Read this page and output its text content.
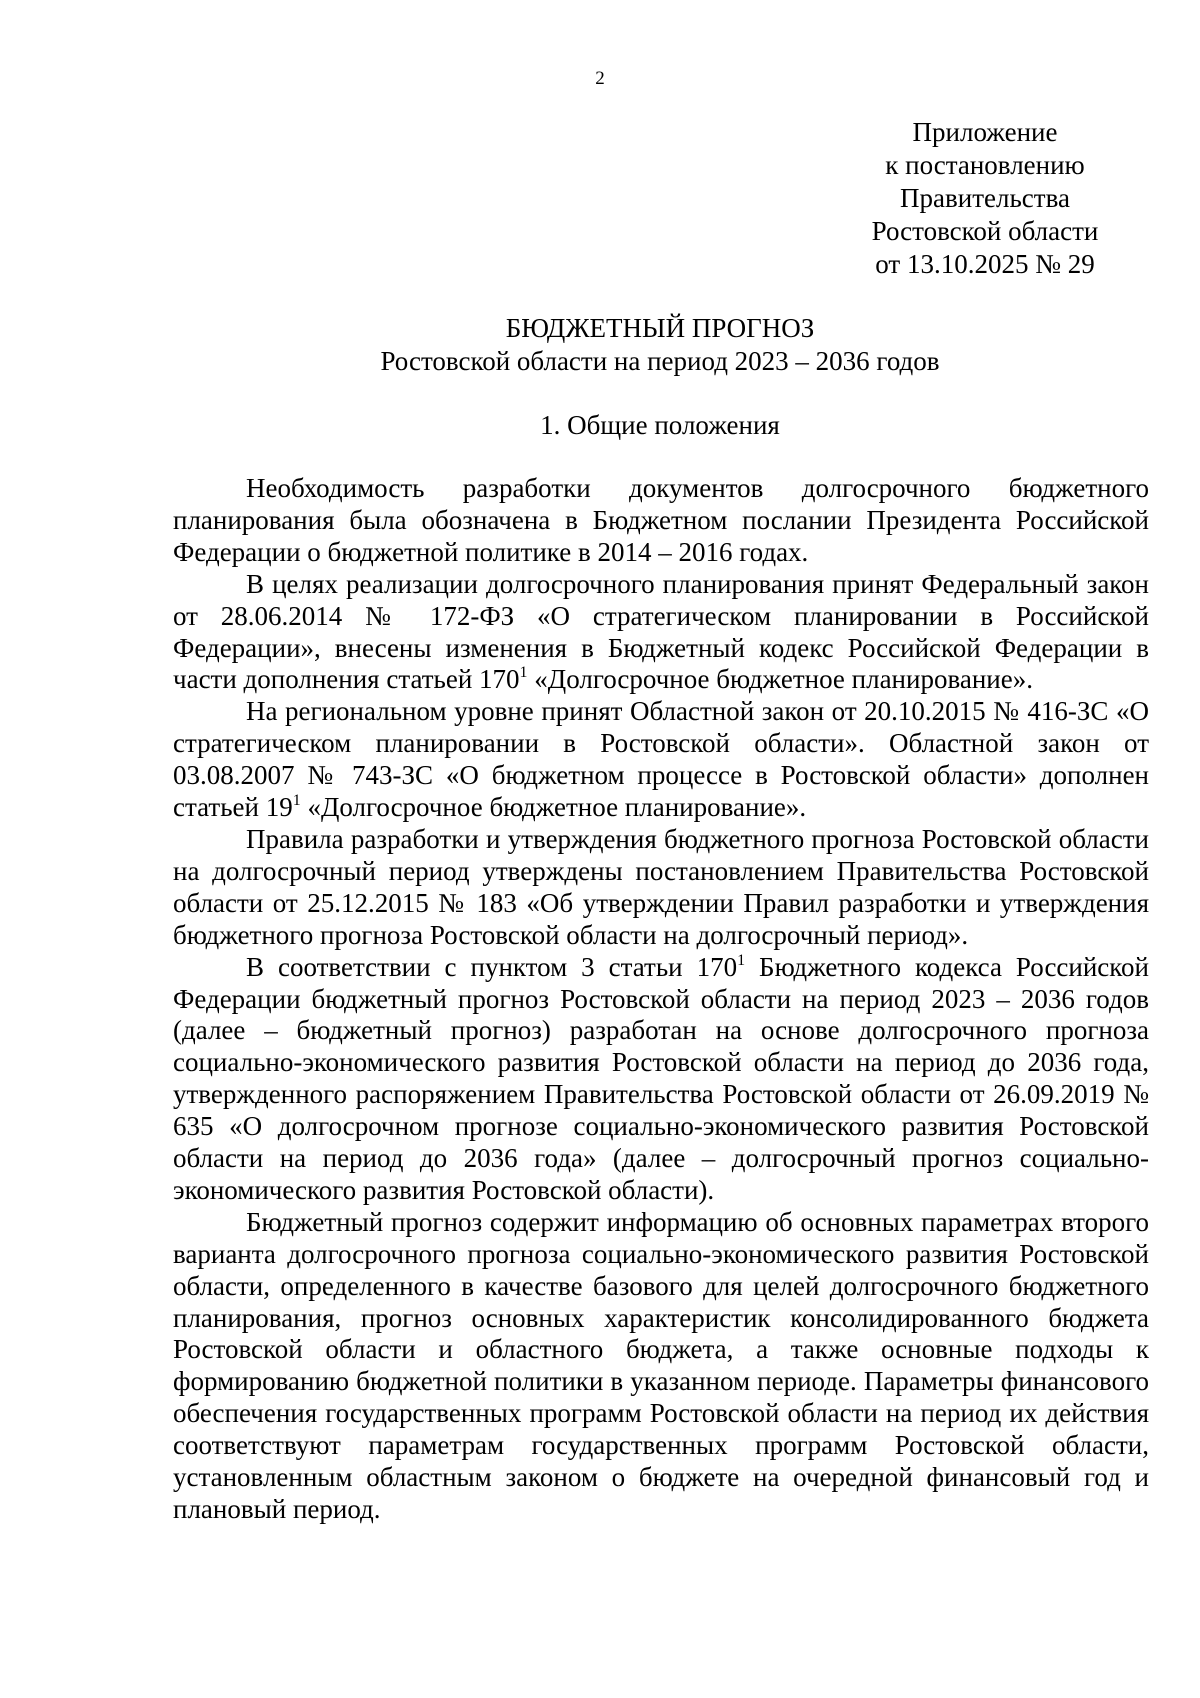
2
Приложение
к постановлению
Правительства
Ростовской области
от 13.10.2025 № 29
БЮДЖЕТНЫЙ ПРОГНОЗ
Ростовской области на период 2023 – 2036 годов
1. Общие положения

Необходимость разработки документов долгосрочного бюджетного планирования была обозначена в Бюджетном послании Президента Российской Федерации о бюджетной политике в 2014 – 2016 годах.

В целях реализации долгосрочного планирования принят Федеральный закон от 28.06.2014 № 172-ФЗ «О стратегическом планировании в Российской Федерации», внесены изменения в Бюджетный кодекс Российской Федерации в части дополнения статьей $170^1$ «Долгосрочное бюджетное планирование».

На региональном уровне принят Областной закон от 20.10.2015 № 416-ЗС «О стратегическом планировании в Ростовской области». Областной закон от 03.08.2007 № 743-ЗС «О бюджетном процессе в Ростовской области» дополнен статьей $19^1$ «Долгосрочное бюджетное планирование».

Правила разработки и утверждения бюджетного прогноза Ростовской области на долгосрочный период утверждены постановлением Правительства Ростовской области от 25.12.2015 № 183 «Об утверждении Правил разработки и утверждения бюджетного прогноза Ростовской области на долгосрочный период».

В соответствии с пунктом 3 статьи $170^1$ Бюджетного кодекса Российской Федерации бюджетный прогноз Ростовской области на период 2023 – 2036 годов (далее – бюджетный прогноз) разработан на основе долгосрочного прогноза социально-экономического развития Ростовской области на период до 2036 года, утвержденного распоряжением Правительства Ростовской области от 26.09.2019 № 635 «О долгосрочном прогнозе социально-экономического развития Ростовской области на период до 2036 года» (далее – долгосрочный прогноз социально-экономического развития Ростовской области).

Бюджетный прогноз содержит информацию об основных параметрах второго варианта долгосрочного прогноза социально-экономического развития Ростовской области, определенного в качестве базового для целей долгосрочного бюджетного планирования, прогноз основных характеристик консолидированного бюджета Ростовской области и областного бюджета, а также основные подходы к формированию бюджетной политики в указанном периоде. Параметры финансового обеспечения государственных программ Ростовской области на период их действия соответствуют параметрам государственных программ Ростовской области, установленным областным законом о бюджете на очередной финансовый год и плановый период.
